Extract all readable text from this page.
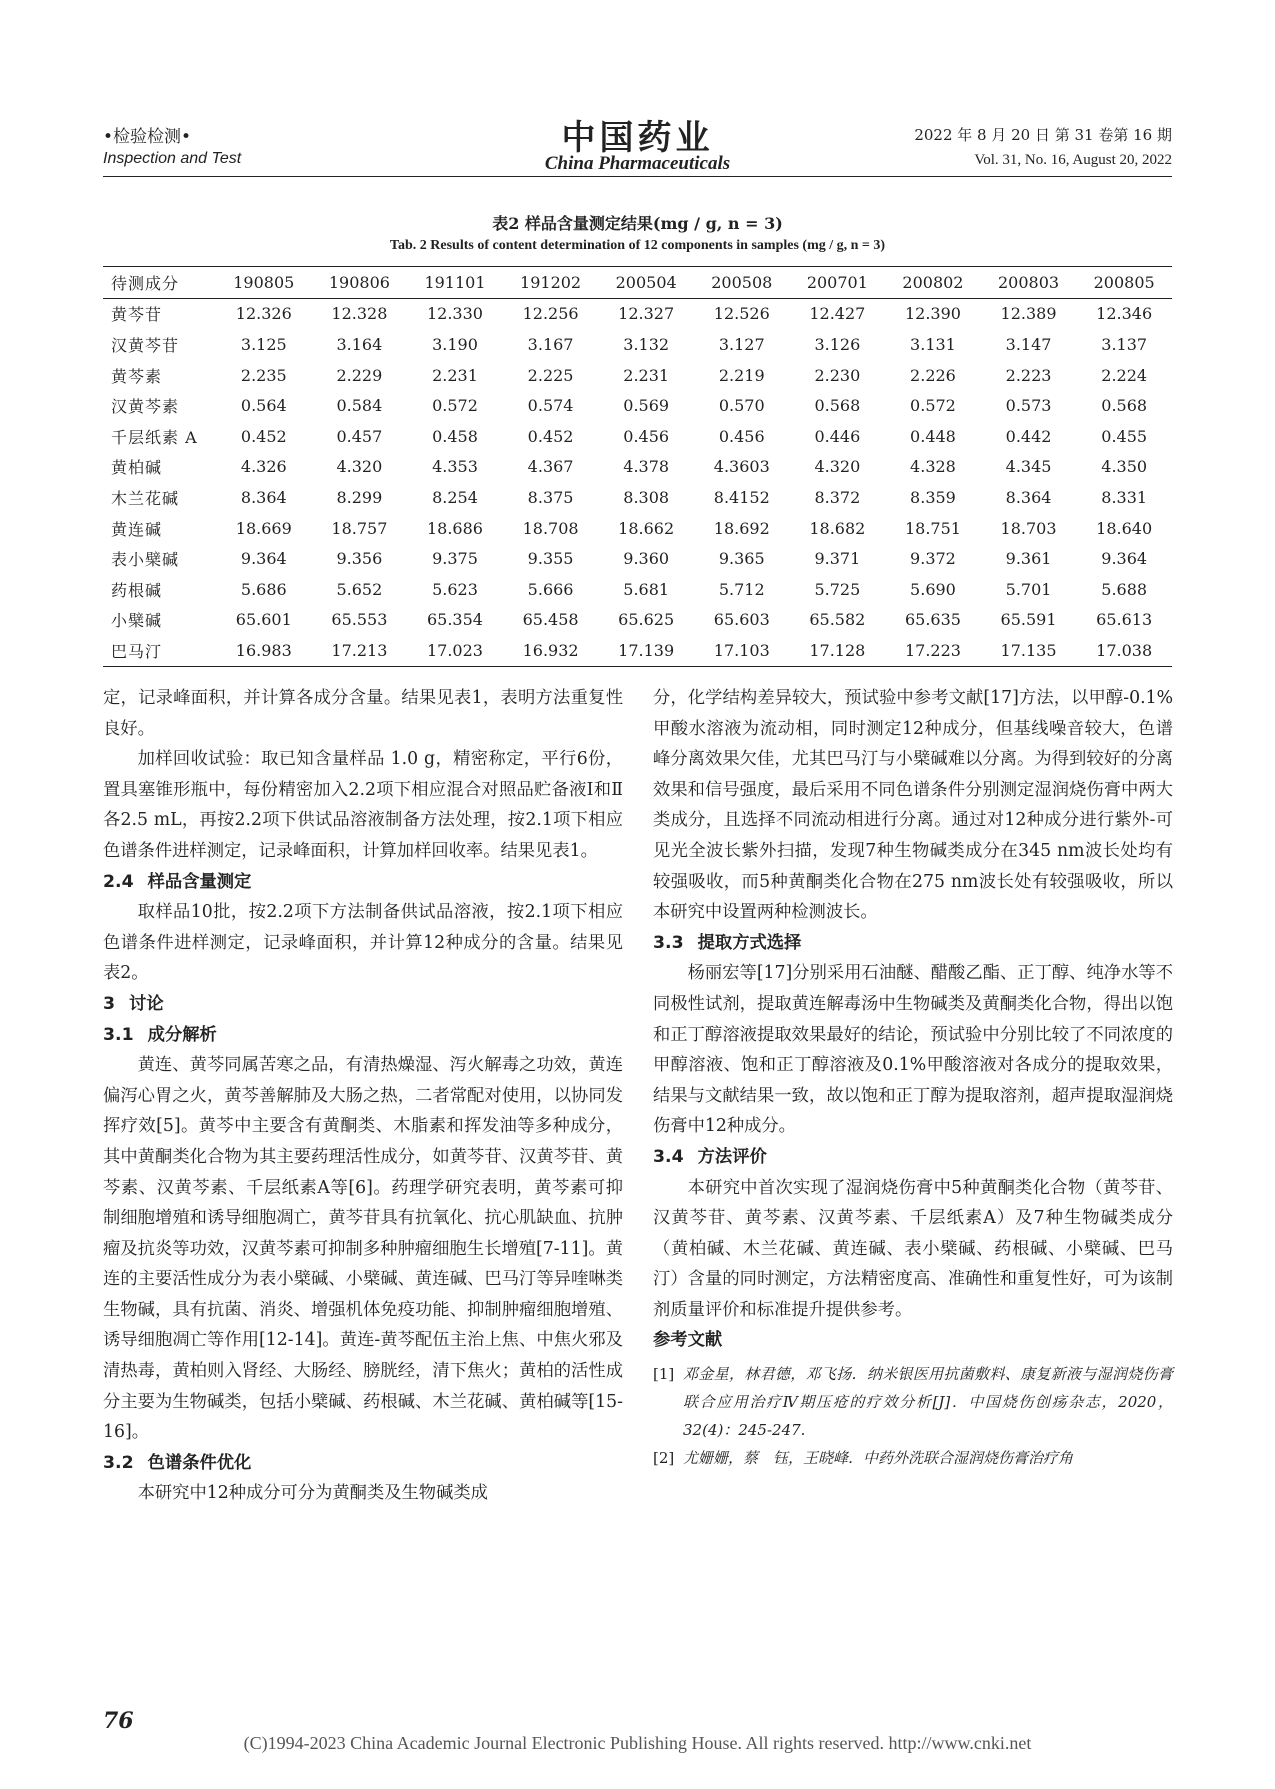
•检验检测•
Inspection and Test
中国药业
China Pharmaceuticals
2022 年 8 月 20 日 第 31 卷第 16 期
Vol. 31, No. 16, August 20, 2022
表2 样品含量测定结果(mg / g, n = 3)
Tab. 2 Results of content determination of 12 components in samples (mg / g, n = 3)
待测成分	190805	190806	191101	191202	200504	200508	200701	200802	200803	200805
黄芩苷	12.326	12.328	12.330	12.256	12.327	12.526	12.427	12.390	12.389	12.346
汉黄芩苷	3.125	3.164	3.190	3.167	3.132	3.127	3.126	3.131	3.147	3.137
黄芩素	2.235	2.229	2.231	2.225	2.231	2.219	2.230	2.226	2.223	2.224
汉黄芩素	0.564	0.584	0.572	0.574	0.569	0.570	0.568	0.572	0.573	0.568
千层纸素 A	0.452	0.457	0.458	0.452	0.456	0.456	0.446	0.448	0.442	0.455
黄柏碱	4.326	4.320	4.353	4.367	4.378	4.3603	4.320	4.328	4.345	4.350
木兰花碱	8.364	8.299	8.254	8.375	8.308	8.4152	8.372	8.359	8.364	8.331
黄连碱	18.669	18.757	18.686	18.708	18.662	18.692	18.682	18.751	18.703	18.640
表小檗碱	9.364	9.356	9.375	9.355	9.360	9.365	9.371	9.372	9.361	9.364
药根碱	5.686	5.652	5.623	5.666	5.681	5.712	5.725	5.690	5.701	5.688
小檗碱	65.601	65.553	65.354	65.458	65.625	65.603	65.582	65.635	65.591	65.613
巴马汀	16.983	17.213	17.023	16.932	17.139	17.103	17.128	17.223	17.135	17.038

定，记录峰面积，并计算各成分含量。结果见表1，表明方法重复性良好。

加样回收试验：取已知含量样品 1.0 g，精密称定，平行6份，置具塞锥形瓶中，每份精密加入2.2项下相应混合对照品贮备液Ⅰ和Ⅱ各2.5 mL，再按2.2项下供试品溶液制备方法处理，按2.1项下相应色谱条件进样测定，记录峰面积，计算加样回收率。结果见表1。

2.4 样品含量测定

取样品10批，按2.2项下方法制备供试品溶液，按2.1项下相应色谱条件进样测定，记录峰面积，并计算12种成分的含量。结果见表2。

3 讨论
3.1 成分解析

黄连、黄芩同属苦寒之品，有清热燥湿、泻火解毒之功效，黄连偏泻心胃之火，黄芩善解肺及大肠之热，二者常配对使用，以协同发挥疗效[5]。黄芩中主要含有黄酮类、木脂素和挥发油等多种成分，其中黄酮类化合物为其主要药理活性成分，如黄芩苷、汉黄芩苷、黄芩素、汉黄芩素、千层纸素A等[6]。药理学研究表明，黄芩素可抑制细胞增殖和诱导细胞凋亡，黄芩苷具有抗氧化、抗心肌缺血、抗肿瘤及抗炎等功效，汉黄芩素可抑制多种肿瘤细胞生长增殖[7-11]。黄连的主要活性成分为表小檗碱、小檗碱、黄连碱、巴马汀等异喹啉类生物碱，具有抗菌、消炎、增强机体免疫功能、抑制肿瘤细胞增殖、诱导细胞凋亡等作用[12-14]。黄连-黄芩配伍主治上焦、中焦火邪及清热毒，黄柏则入肾经、大肠经、膀胱经，清下焦火；黄柏的活性成分主要为生物碱类，包括小檗碱、药根碱、木兰花碱、黄柏碱等[15-16]。

3.2 色谱条件优化

本研究中12种成分可分为黄酮类及生物碱类成

分，化学结构差异较大，预试验中参考文献[17]方法，以甲醇-0.1%甲酸水溶液为流动相，同时测定12种成分，但基线噪音较大，色谱峰分离效果欠佳，尤其巴马汀与小檗碱难以分离。为得到较好的分离效果和信号强度，最后采用不同色谱条件分别测定湿润烧伤膏中两大类成分，且选择不同流动相进行分离。通过对12种成分进行紫外-可见光全波长紫外扫描，发现7种生物碱类成分在345 nm波长处均有较强吸收，而5种黄酮类化合物在275 nm波长处有较强吸收，所以本研究中设置两种检测波长。

3.3 提取方式选择

杨丽宏等[17]分别采用石油醚、醋酸乙酯、正丁醇、纯净水等不同极性试剂，提取黄连解毒汤中生物碱类及黄酮类化合物，得出以饱和正丁醇溶液提取效果最好的结论，预试验中分别比较了不同浓度的甲醇溶液、饱和正丁醇溶液及0.1%甲酸溶液对各成分的提取效果，结果与文献结果一致，故以饱和正丁醇为提取溶剂，超声提取湿润烧伤膏中12种成分。

3.4 方法评价

本研究中首次实现了湿润烧伤膏中5种黄酮类化合物（黄芩苷、汉黄芩苷、黄芩素、汉黄芩素、千层纸素A）及7种生物碱类成分（黄柏碱、木兰花碱、黄连碱、表小檗碱、药根碱、小檗碱、巴马汀）含量的同时测定，方法精密度高、准确性和重复性好，可为该制剂质量评价和标准提升提供参考。

参考文献

[1] 邓金星，林君德，邓飞扬．纳米银医用抗菌敷料、康复新液与湿润烧伤膏联合应用治疗Ⅳ期压疮的疗效分析[J]．中国烧伤创疡杂志，2020，32(4)：245-247.

[2] 尤姗姗，蔡　钰，王晓峰．中药外洗联合湿润烧伤膏治疗角

76
(C)1994-2023 China Academic Journal Electronic Publishing House. All rights reserved. http://www.cnki.net
